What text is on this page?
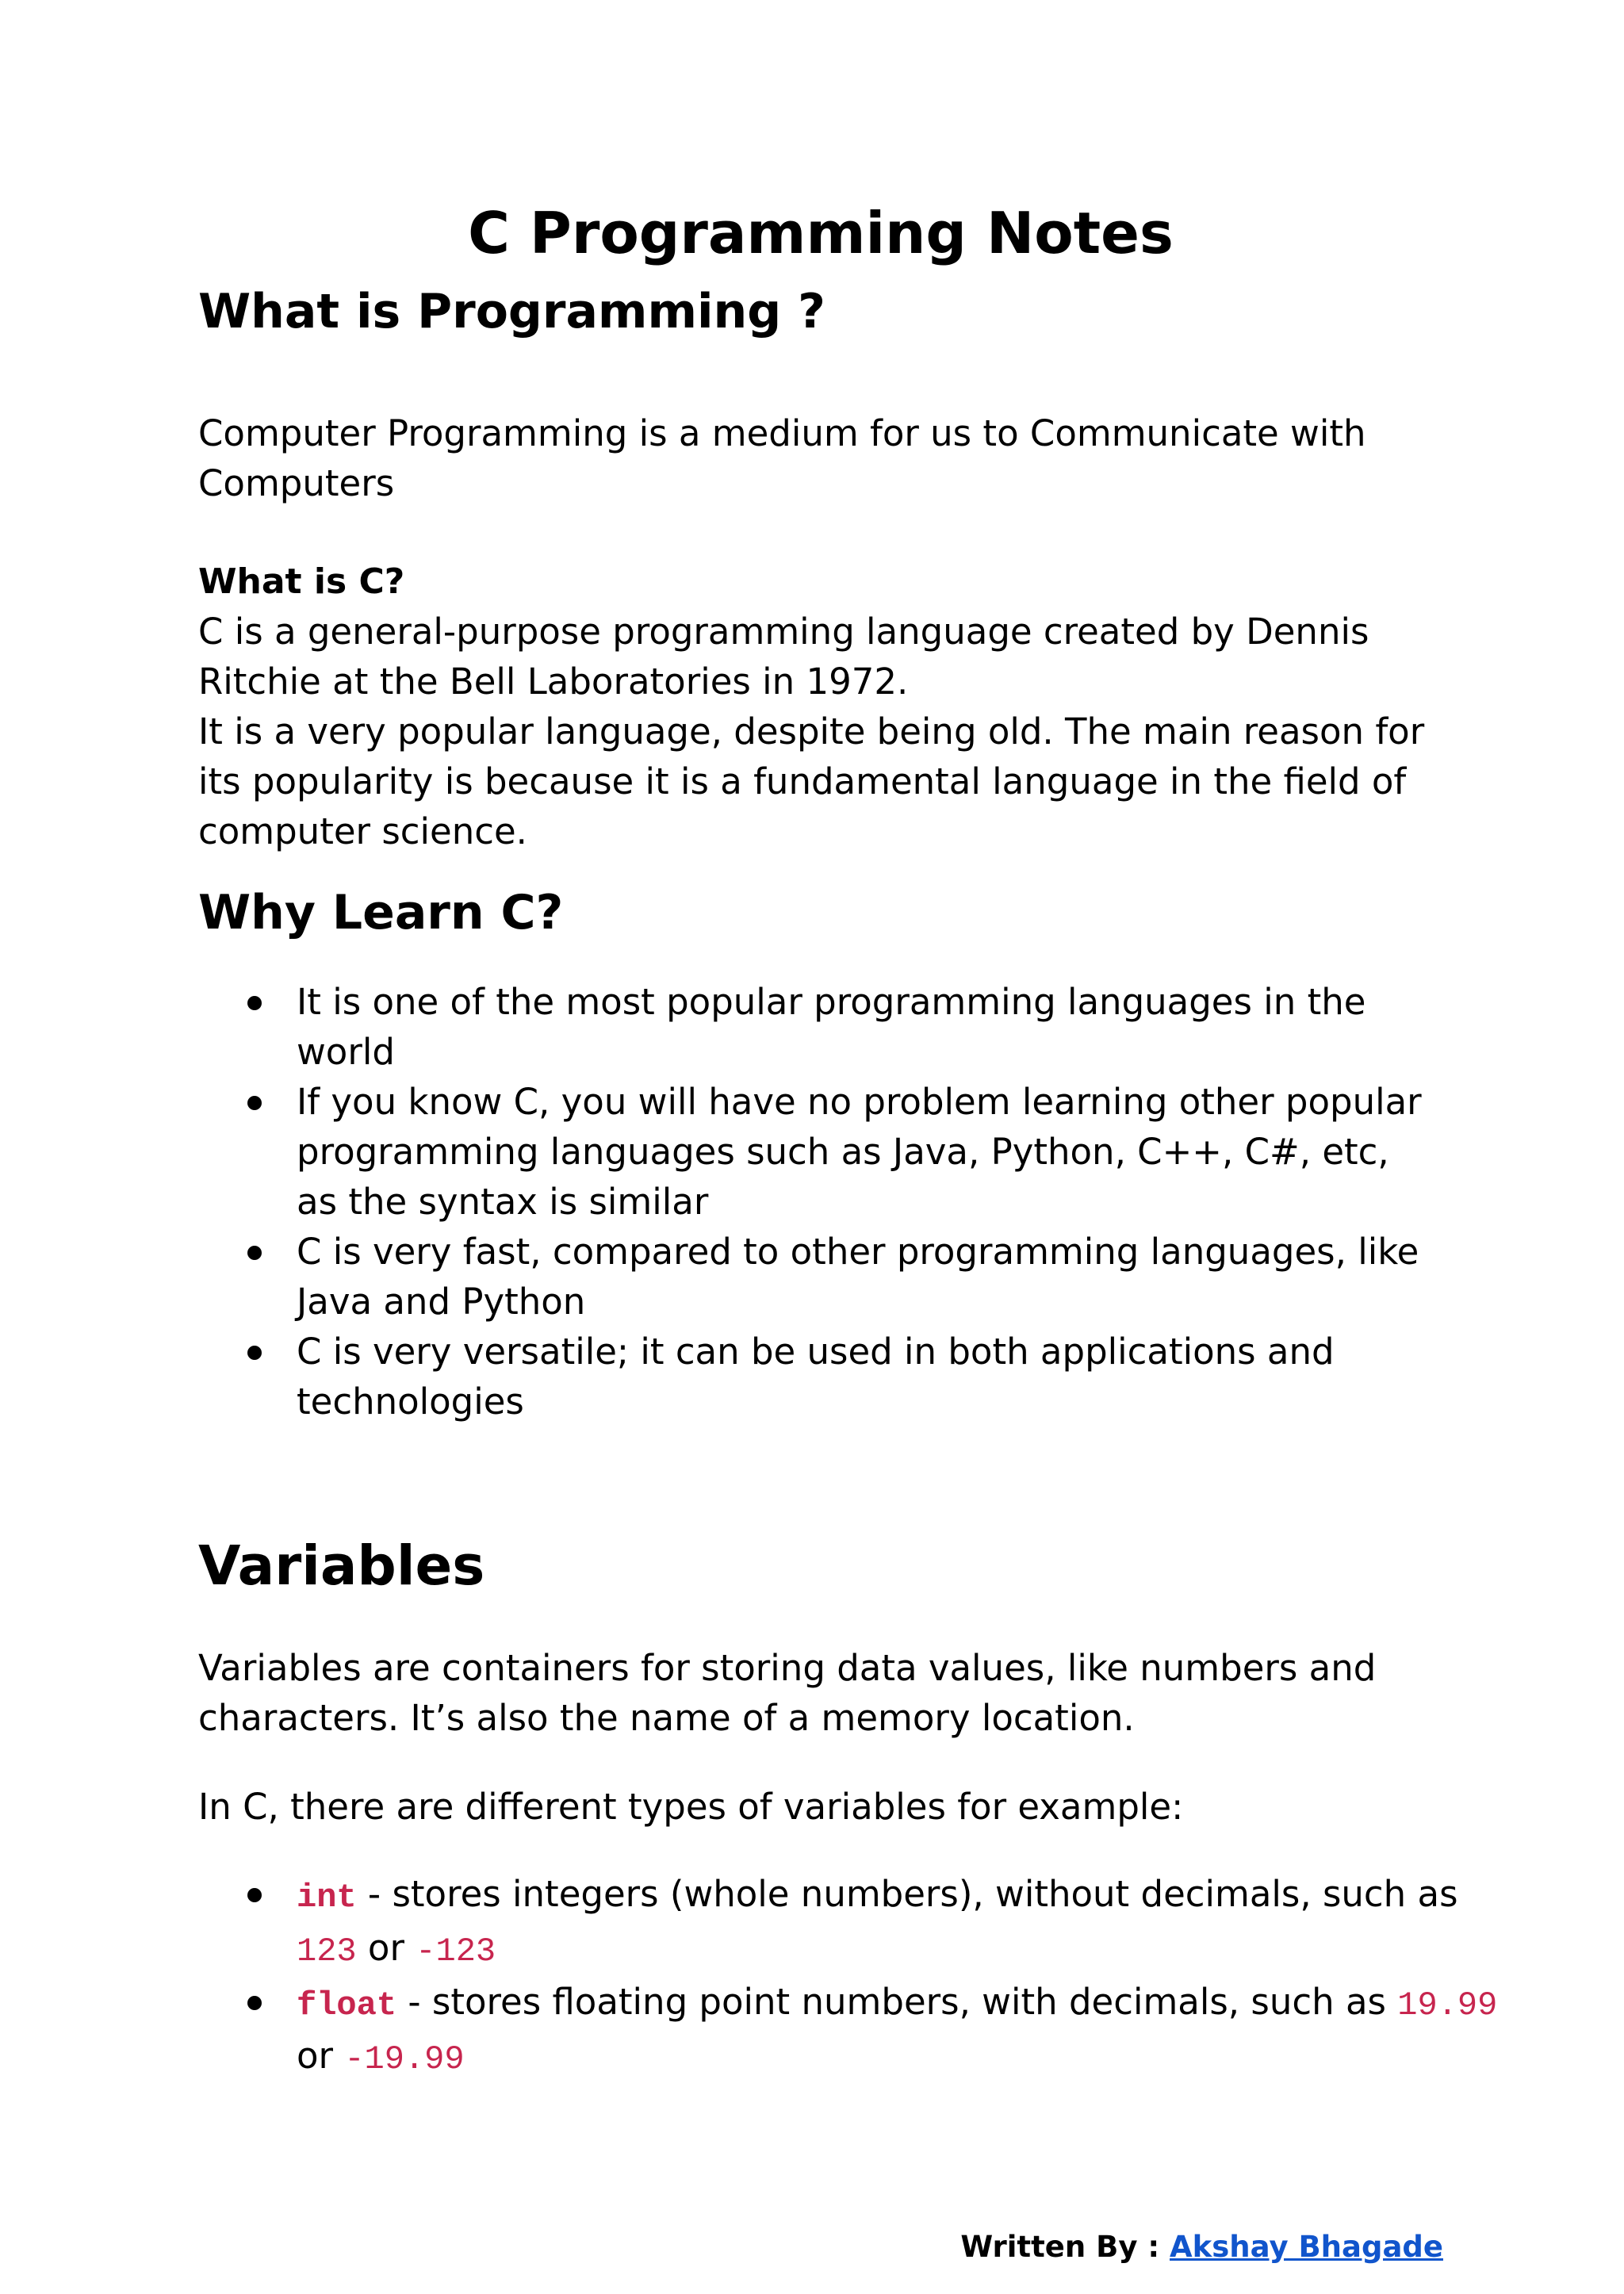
C Programming Notes
What is Programming ?

Computer Programming is a medium for us to Communicate with
Computers

What is C?

C is a general-purpose programming language created by Dennis
Ritchie at the Bell Laboratories in 1972.
It is a very popular language, despite being old. The main reason for
its popularity is because it is a fundamental language in the field of
computer science.

Why Learn C?
It is one of the most popular programming languages in the
world
If you know C, you will have no problem learning other popular
programming languages such as Java, Python, C++, C#, etc,
as the syntax is similar
C is very fast, compared to other programming languages, like
Java and Python
C is very versatile; it can be used in both applications and
technologies
Variables

Variables are containers for storing data values, like numbers and
characters. It’s also the name of a memory location.

In C, there are different types of variables for example:

int - stores integers (whole numbers), without decimals, such as
123 or -123
float - stores floating point numbers, with decimals, such as 19.99
or -19.99
Written By : Akshay Bhagade
